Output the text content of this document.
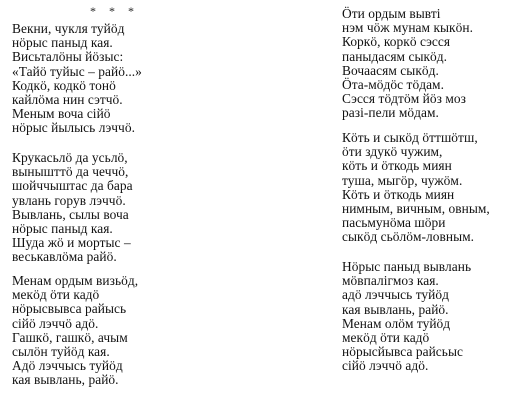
* * *
Векни, чукля туйӧд
нӧрыс паныд кая.
Висьталӧны йӧзыс:
«Тайӧ туйыс – райӧ...»
Кодкӧ, кодкӧ тонӧ
кайлӧма нин сэтчӧ.
Меным вочa сійӧ
нӧрыс йылысь лэччӧ.
Крукасьлӧ да усьлӧ,
вынышттӧ да чеччӧ,
шойччыштас да бара
увлань горув лэччӧ.
Вывлань, сылы воча
нӧрыс паныд кая.
Шуда жӧ и мортыс –
веськавлӧма райӧ.
Менам ордым визьӧд,
мекӧд ӧти кадӧ
нӧрысвывса райысь
сійӧ лэччӧ адӧ.
Гашкӧ, гашкӧ, ачым
сылӧн туйӧд кая.
Адӧ лэччысь туйӧд
кая вывлань, райӧ.
Ӧти ордым вывті
нэм чӧж мунам кыкӧн.
Коркӧ, коркӧ сэсся
паныдасям сыкӧд.
Вочаасям сыкӧд.
Ӧта-мӧдӧс тӧдам.
Сэсся тӧдтӧм йӧз моз
разі-пели мӧдам.
Кӧть и сыкӧд ӧттшӧтш,
ӧти здукӧ чужим,
кӧть и ӧткодь миян
туша, мыгӧр, чужӧм.
Кӧть и ӧткодь миян
нимным, вичным, овным,
пасьмунӧма шӧри
сыкӧд сьӧлӧм-ловным.
Нӧрыс паныд вывлань
мӧвпалігмоз кая.
адӧ лэччысь туйӧд
кая вывлань, райӧ.
Менам олӧм туйӧд
мекӧд ӧти кадӧ
нӧрысйывса райсьыс
сійӧ лэччӧ адӧ.
